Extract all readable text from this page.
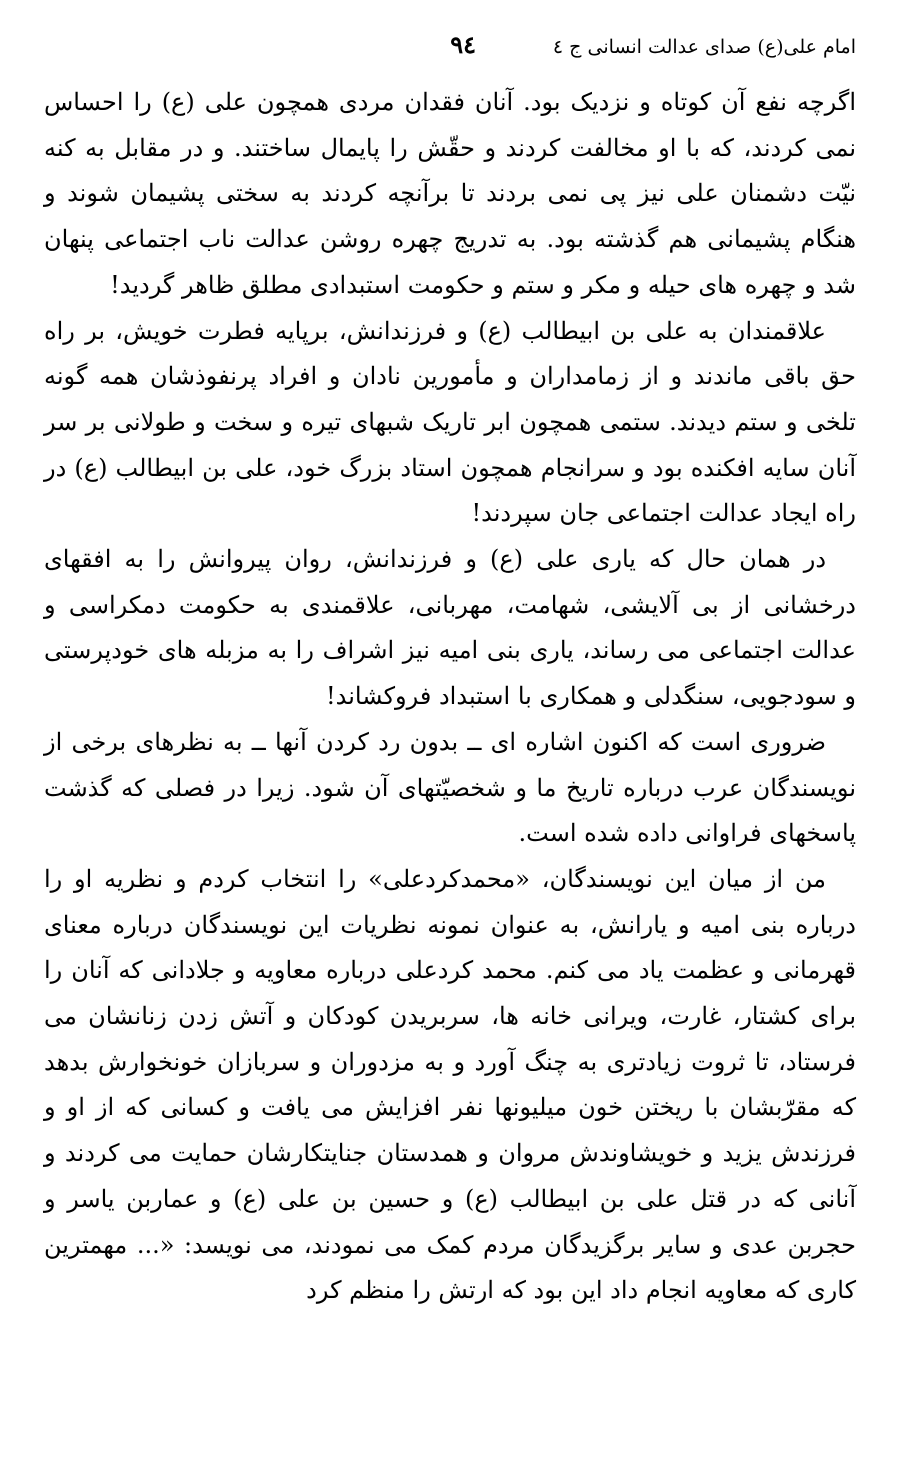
امام علی(ع) صدای عدالت انسانی ج ٤
٩٤

اگرچه نفع آن کوتاه و نزدیک بود. آنان فقدان مردی همچون علی (ع) را احساس نمی کردند، که با او مخالفت کردند و حقّش را پایمال ساختند. و در مقابل به کنه نیّت دشمنان علی نیز پی نمی بردند تا برآنچه کردند به سختی پشیمان شوند و هنگام پشیمانی هم گذشته بود. به تدریج چهره روشن عدالت ناب اجتماعی پنهان شد و چهره های حیله و مکر و ستم و حکومت استبدادی مطلق ظاهر گردید!

علاقمندان به علی بن ابیطالب (ع) و فرزندانش، برپایه فطرت خویش، بر راه حق باقی ماندند و از زمامداران و مأمورین نادان و افراد پرنفوذشان همه گونه تلخی و ستم دیدند. ستمی همچون ابر تاریک شبهای تیره و سخت و طولانی بر سر آنان سایه افکنده بود و سرانجام همچون استاد بزرگ خود، علی بن ابیطالب (ع) در راه ایجاد عدالت اجتماعی جان سپردند!

در همان حال که یاری علی (ع) و فرزندانش، روان پیروانش را به افقهای درخشانی از بی آلایشی، شهامت، مهربانی، علاقمندی به حکومت دمکراسی و عدالت اجتماعی می رساند، یاری بنی امیه نیز اشراف را به مزبله های خودپرستی و سودجویی، سنگدلی و همکاری با استبداد فروکشاند!

ضروری است که اکنون اشاره ای ــ بدون رد کردن آنها ــ به نظرهای برخی از نویسندگان عرب درباره تاریخ ما و شخصیّتهای آن شود. زیرا در فصلی که گذشت پاسخهای فراوانی داده شده است.

من از میان این نویسندگان، «محمدکردعلی» را انتخاب کردم و نظریه او را درباره بنی امیه و یارانش، به عنوان نمونه نظریات این نویسندگان درباره معنای قهرمانی و عظمت یاد می کنم. محمد کردعلی درباره معاویه و جلادانی که آنان را برای کشتار، غارت، ویرانی خانه ها، سربریدن کودکان و آتش زدن زنانشان می فرستاد، تا ثروت زیادتری به چنگ آورد و به مزدوران و سربازان خونخوارش بدهد که مقرّبشان با ریختن خون میلیونها نفر افزایش می یافت و کسانی که از او و فرزندش یزید و خویشاوندش مروان و همدستان جنایتکارشان حمایت می کردند و آنانی که در قتل علی بن ابیطالب (ع) و حسین بن علی (ع) و عماربن یاسر و حجربن عدی و سایر برگزیدگان مردم کمک می نمودند، می نویسد: «... مهمترین کاری که معاویه انجام داد این بود که ارتش را منظم کرد
